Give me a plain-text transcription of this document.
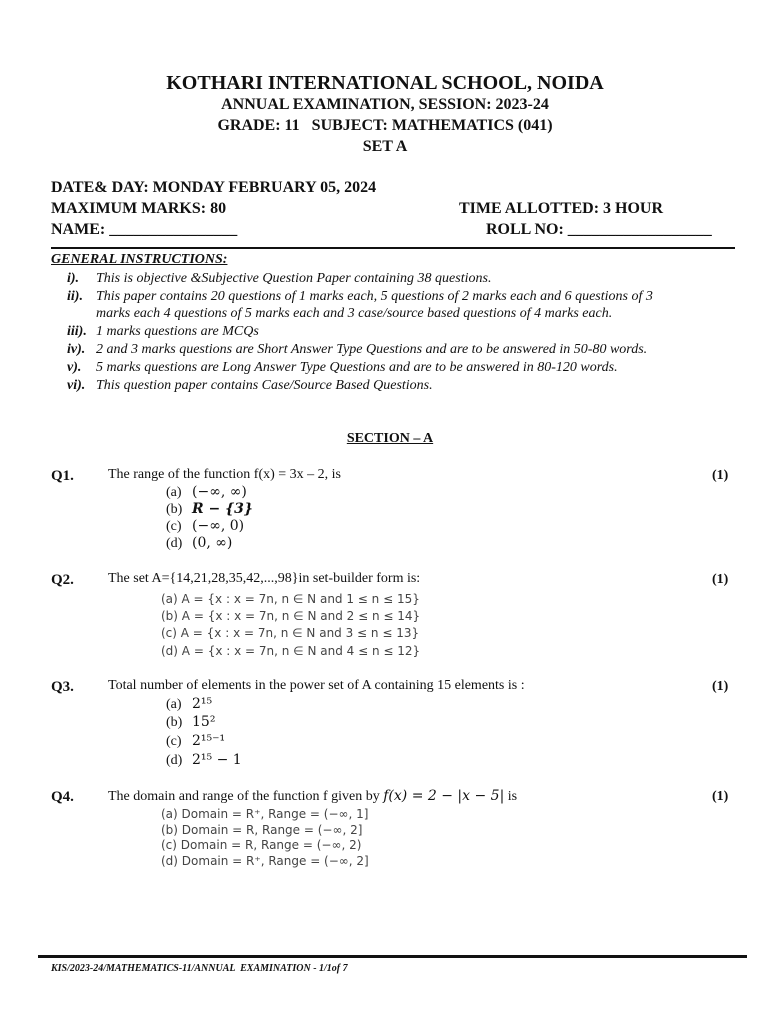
KOTHARI INTERNATIONAL SCHOOL, NOIDA
ANNUAL EXAMINATION, SESSION: 2023-24
GRADE: 11   SUBJECT: MATHEMATICS (041)
SET A
DATE& DAY: MONDAY FEBRUARY 05, 2024
MAXIMUM MARKS: 80	TIME ALLOTTED: 3 HOUR
NAME: ________________	ROLL NO: __________________
GENERAL INSTRUCTIONS:
i). This is objective &Subjective Question Paper containing 38 questions.
ii). This paper contains 20 questions of 1 marks each, 5 questions of 2 marks each and 6 questions of 3
marks each 4 questions of 5 marks each and 3 case/source based questions of 4 marks each.
iii). 1 marks questions are MCQs
iv). 2 and 3 marks questions are Short Answer Type Questions and are to be answered in 50-80 words.
v). 5 marks questions are Long Answer Type Questions and are to be answered in 80-120 words.
vi). This question paper contains Case/Source Based Questions.
SECTION – A
Q1. The range of the function f(x) = 3x – 2, is	(1)
(a) (−∞, ∞)
(b) R − {3}
(c) (−∞, 0)
(d) (0, ∞)
Q2. The set A={14,21,28,35,42,...,98}in set-builder form is:	(1)
(a) A = {x : x = 7n, n ∈ N and 1 ≤ n ≤ 15}
(b) A = {x : x = 7n, n ∈ N and 2 ≤ n ≤ 14}
(c) A = {x : x = 7n, n ∈ N and 3 ≤ n ≤ 13}
(d) A = {x : x = 7n, n ∈ N and 4 ≤ n ≤ 12}
Q3. Total number of elements in the power set of A containing 15 elements is :	(1)
(a) 2¹⁵
(b) 15²
(c) 2¹⁵⁻¹
(d) 2¹⁵ − 1
Q4. The domain and range of the function f given by f(x) = 2 − |x − 5| is	(1)
(a) Domain = R⁺, Range = (−∞, 1]
(b) Domain = R, Range = (−∞, 2]
(c) Domain = R, Range = (−∞, 2)
(d) Domain = R⁺, Range = (−∞, 2]
KIS/2023-24/MATHEMATICS-11/ANNUAL  EXAMINATION - 1/1of 7
